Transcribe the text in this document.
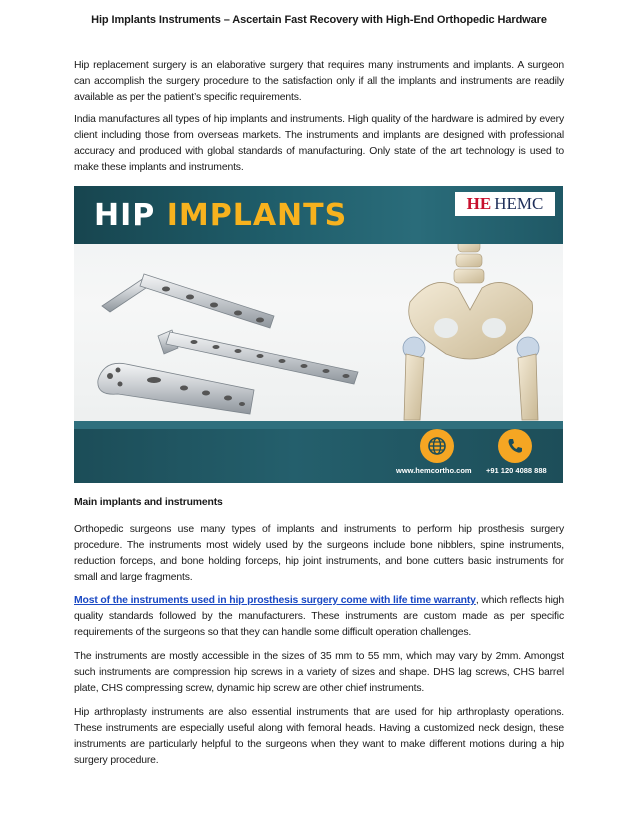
Hip Implants Instruments – Ascertain Fast Recovery with High-End Orthopedic Hardware

Hip replacement surgery is an elaborative surgery that requires many instruments and implants. A surgeon can accomplish the surgery procedure to the satisfaction only if all the implants and instruments are readily available as per the patient’s specific requirements.

India manufactures all types of hip implants and instruments. High quality of the hardware is admired by every client including those from overseas markets. The instruments and implants are designed with professional accuracy and produced with global standards of manufacturing. Only state of the art technology is used to make these implants and instruments.

HIP IMPLANTS	HE HEMC
www.hemcortho.com +91 120 4088 888

Main implants and instruments

Orthopedic surgeons use many types of implants and instruments to perform hip prosthesis surgery procedure. The instruments most widely used by the surgeons include bone nibblers, spine instruments, reduction forceps, and bone holding forceps, hip joint instruments, and bone cutters basic instruments for small and large fragments.

Most of the instruments used in hip prosthesis surgery come with life time warranty, which reflects high quality standards followed by the manufacturers. These instruments are custom made as per specific requirements of the surgeons so that they can handle some difficult operation challenges.

The instruments are mostly accessible in the sizes of 35 mm to 55 mm, which may vary by 2mm. Amongst such instruments are compression hip screws in a variety of sizes and shape. DHS lag screws, CHS barrel plate, CHS compressing screw, dynamic hip screw are other chief instruments.

Hip arthroplasty instruments are also essential instruments that are used for hip arthroplasty operations. These instruments are especially useful along with femoral heads. Having a customized neck design, these instruments are particularly helpful to the surgeons when they want to make different motions during a hip surgery procedure.
